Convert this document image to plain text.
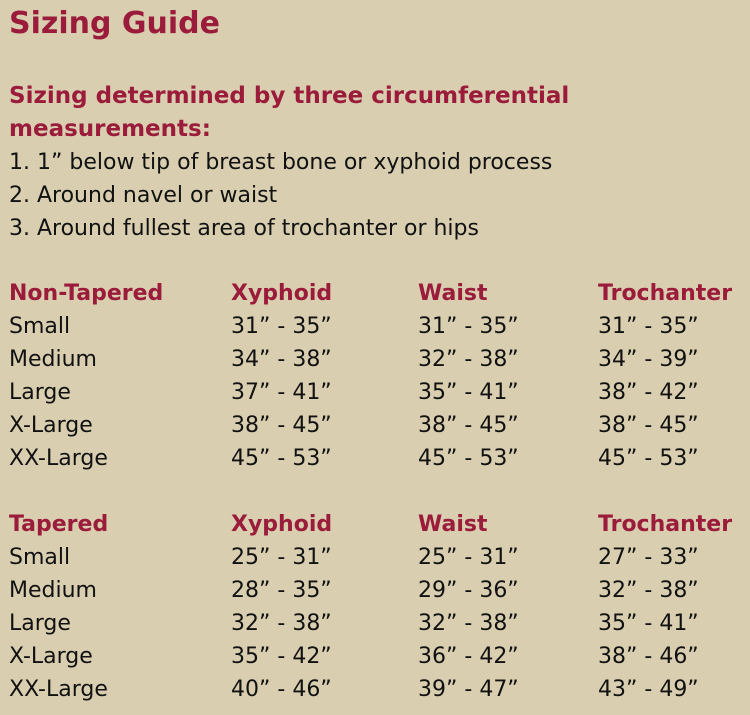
Sizing Guide

Sizing determined by three circumferential measurements:

1. 1” below tip of breast bone or xyphoid process
2. Around navel or waist
3. Around fullest area of trochanter or hips
Non-Tapered	Xyphoid	Waist	Trochanter
Small	31” - 35”	31” - 35”	31” - 35”
Medium	34” - 38”	32” - 38”	34” - 39”
Large	37” - 41”	35” - 41”	38” - 42”
X-Large	38” - 45”	38” - 45”	38” - 45”
XX-Large	45” - 53”	45” - 53”	45” - 53”
Tapered	Xyphoid	Waist	Trochanter
Small	25” - 31”	25” - 31”	27” - 33”
Medium	28” - 35”	29” - 36”	32” - 38”
Large	32” - 38”	32” - 38”	35” - 41”
X-Large	35” - 42”	36” - 42”	38” - 46”
XX-Large	40” - 46”	39” - 47”	43” - 49”
